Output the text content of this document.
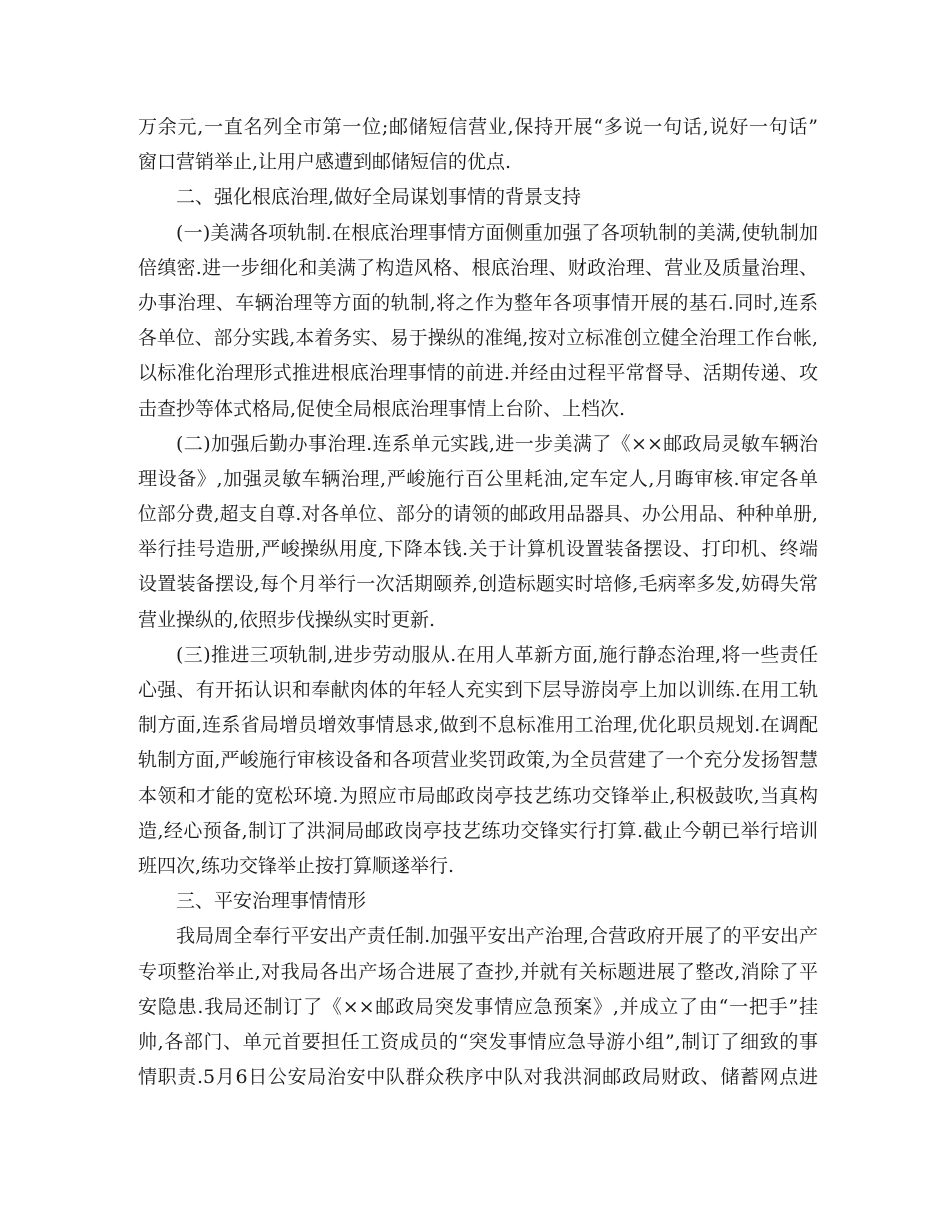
万余元,一直名列全市第一位;邮储短信营业,保持开展“多说一句话,说好一句话”
窗口营销举止,让用户感遭到邮储短信的优点.
二、强化根底治理,做好全局谋划事情的背景支持
(一)美满各项轨制.在根底治理事情方面侧重加强了各项轨制的美满,使轨制加
倍缜密.进一步细化和美满了构造风格、根底治理、财政治理、营业及质量治理、
办事治理、车辆治理等方面的轨制,将之作为整年各项事情开展的基石.同时,连系
各单位、部分实践,本着务实、易于操纵的准绳,按对立标准创立健全治理工作台帐,
以标准化治理形式推进根底治理事情的前进.并经由过程平常督导、活期传递、攻
击查抄等体式格局,促使全局根底治理事情上台阶、上档次.
(二)加强后勤办事治理.连系单元实践,进一步美满了《××邮政局灵敏车辆治
理设备》,加强灵敏车辆治理,严峻施行百公里耗油,定车定人,月晦审核.审定各单
位部分费,超支自尊.对各单位、部分的请领的邮政用品器具、办公用品、种种单册,
举行挂号造册,严峻操纵用度,下降本钱.关于计算机设置装备摆设、打印机、终端
设置装备摆设,每个月举行一次活期颐养,创造标题实时培修,毛病率多发,妨碍失常
营业操纵的,依照步伐操纵实时更新.
(三)推进三项轨制,进步劳动服从.在用人革新方面,施行静态治理,将一些责任
心强、有开拓认识和奉献肉体的年轻人充实到下层导游岗亭上加以训练.在用工轨
制方面,连系省局增员增效事情恳求,做到不息标准用工治理,优化职员规划.在调配
轨制方面,严峻施行审核设备和各项营业奖罚政策,为全员营建了一个充分发扬智慧
本领和才能的宽松环境.为照应市局邮政岗亭技艺练功交锋举止,积极鼓吹,当真构
造,经心预备,制订了洪洞局邮政岗亭技艺练功交锋实行打算.截止今朝已举行培训
班四次,练功交锋举止按打算顺遂举行.
三、平安治理事情情形
我局周全奉行平安出产责任制.加强平安出产治理,合营政府开展了的平安出产
专项整治举止,对我局各出产场合进展了查抄,并就有关标题进展了整改,消除了平
安隐患.我局还制订了《××邮政局突发事情应急预案》,并成立了由“一把手”挂
帅,各部门、单元首要担任工资成员的“突发事情应急导游小组”,制订了细致的事
情职责.5月6日公安局治安中队群众秩序中队对我洪洞邮政局财政、储蓄网点进
